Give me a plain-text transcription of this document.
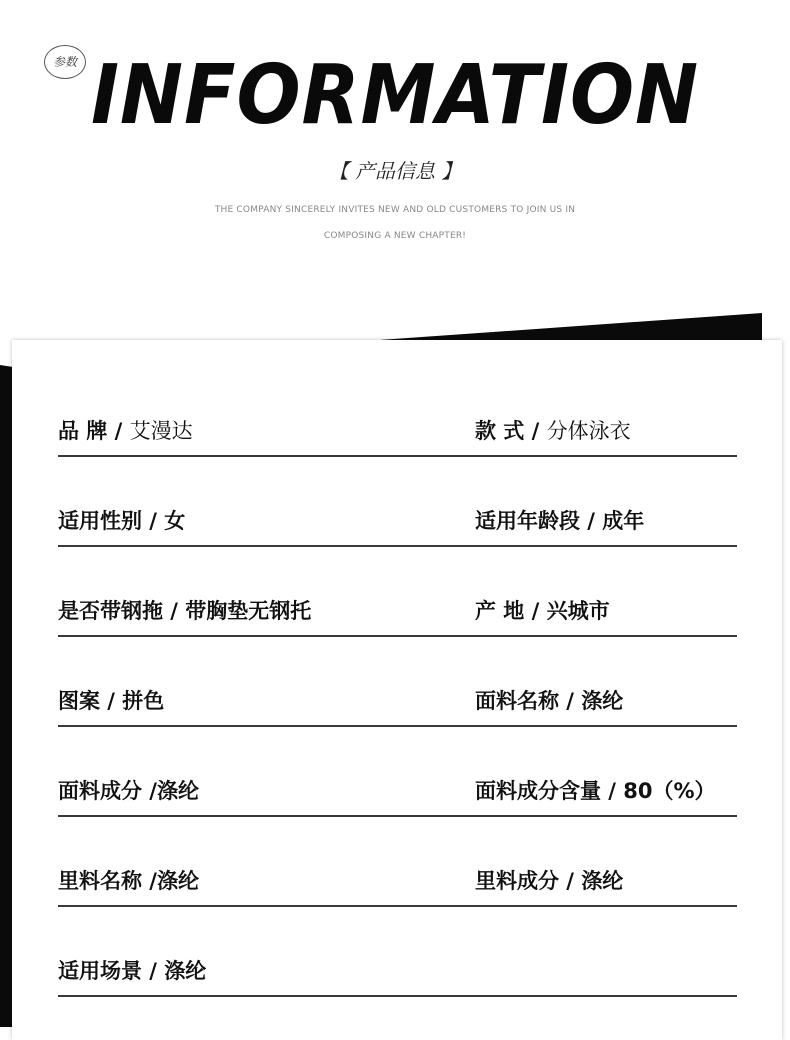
参数 INFORMATION
【 产品信息 】
THE COMPANY SINCERELY INVITES NEW AND OLD CUSTOMERS TO JOIN US IN
COMPOSING A NEW CHAPTER!
品 牌 / 艾漫达	款 式 / 分体泳衣
适用性别 / 女	适用年龄段 / 成年
是否带钢拖 / 带胸垫无钢托	产 地 / 兴城市
图案 / 拼色	面料名称 / 涤纶
面料成分 /涤纶	面料成分含量 / 80（%）
里料名称 /涤纶	里料成分 / 涤纶
适用场景 / 涤纶
